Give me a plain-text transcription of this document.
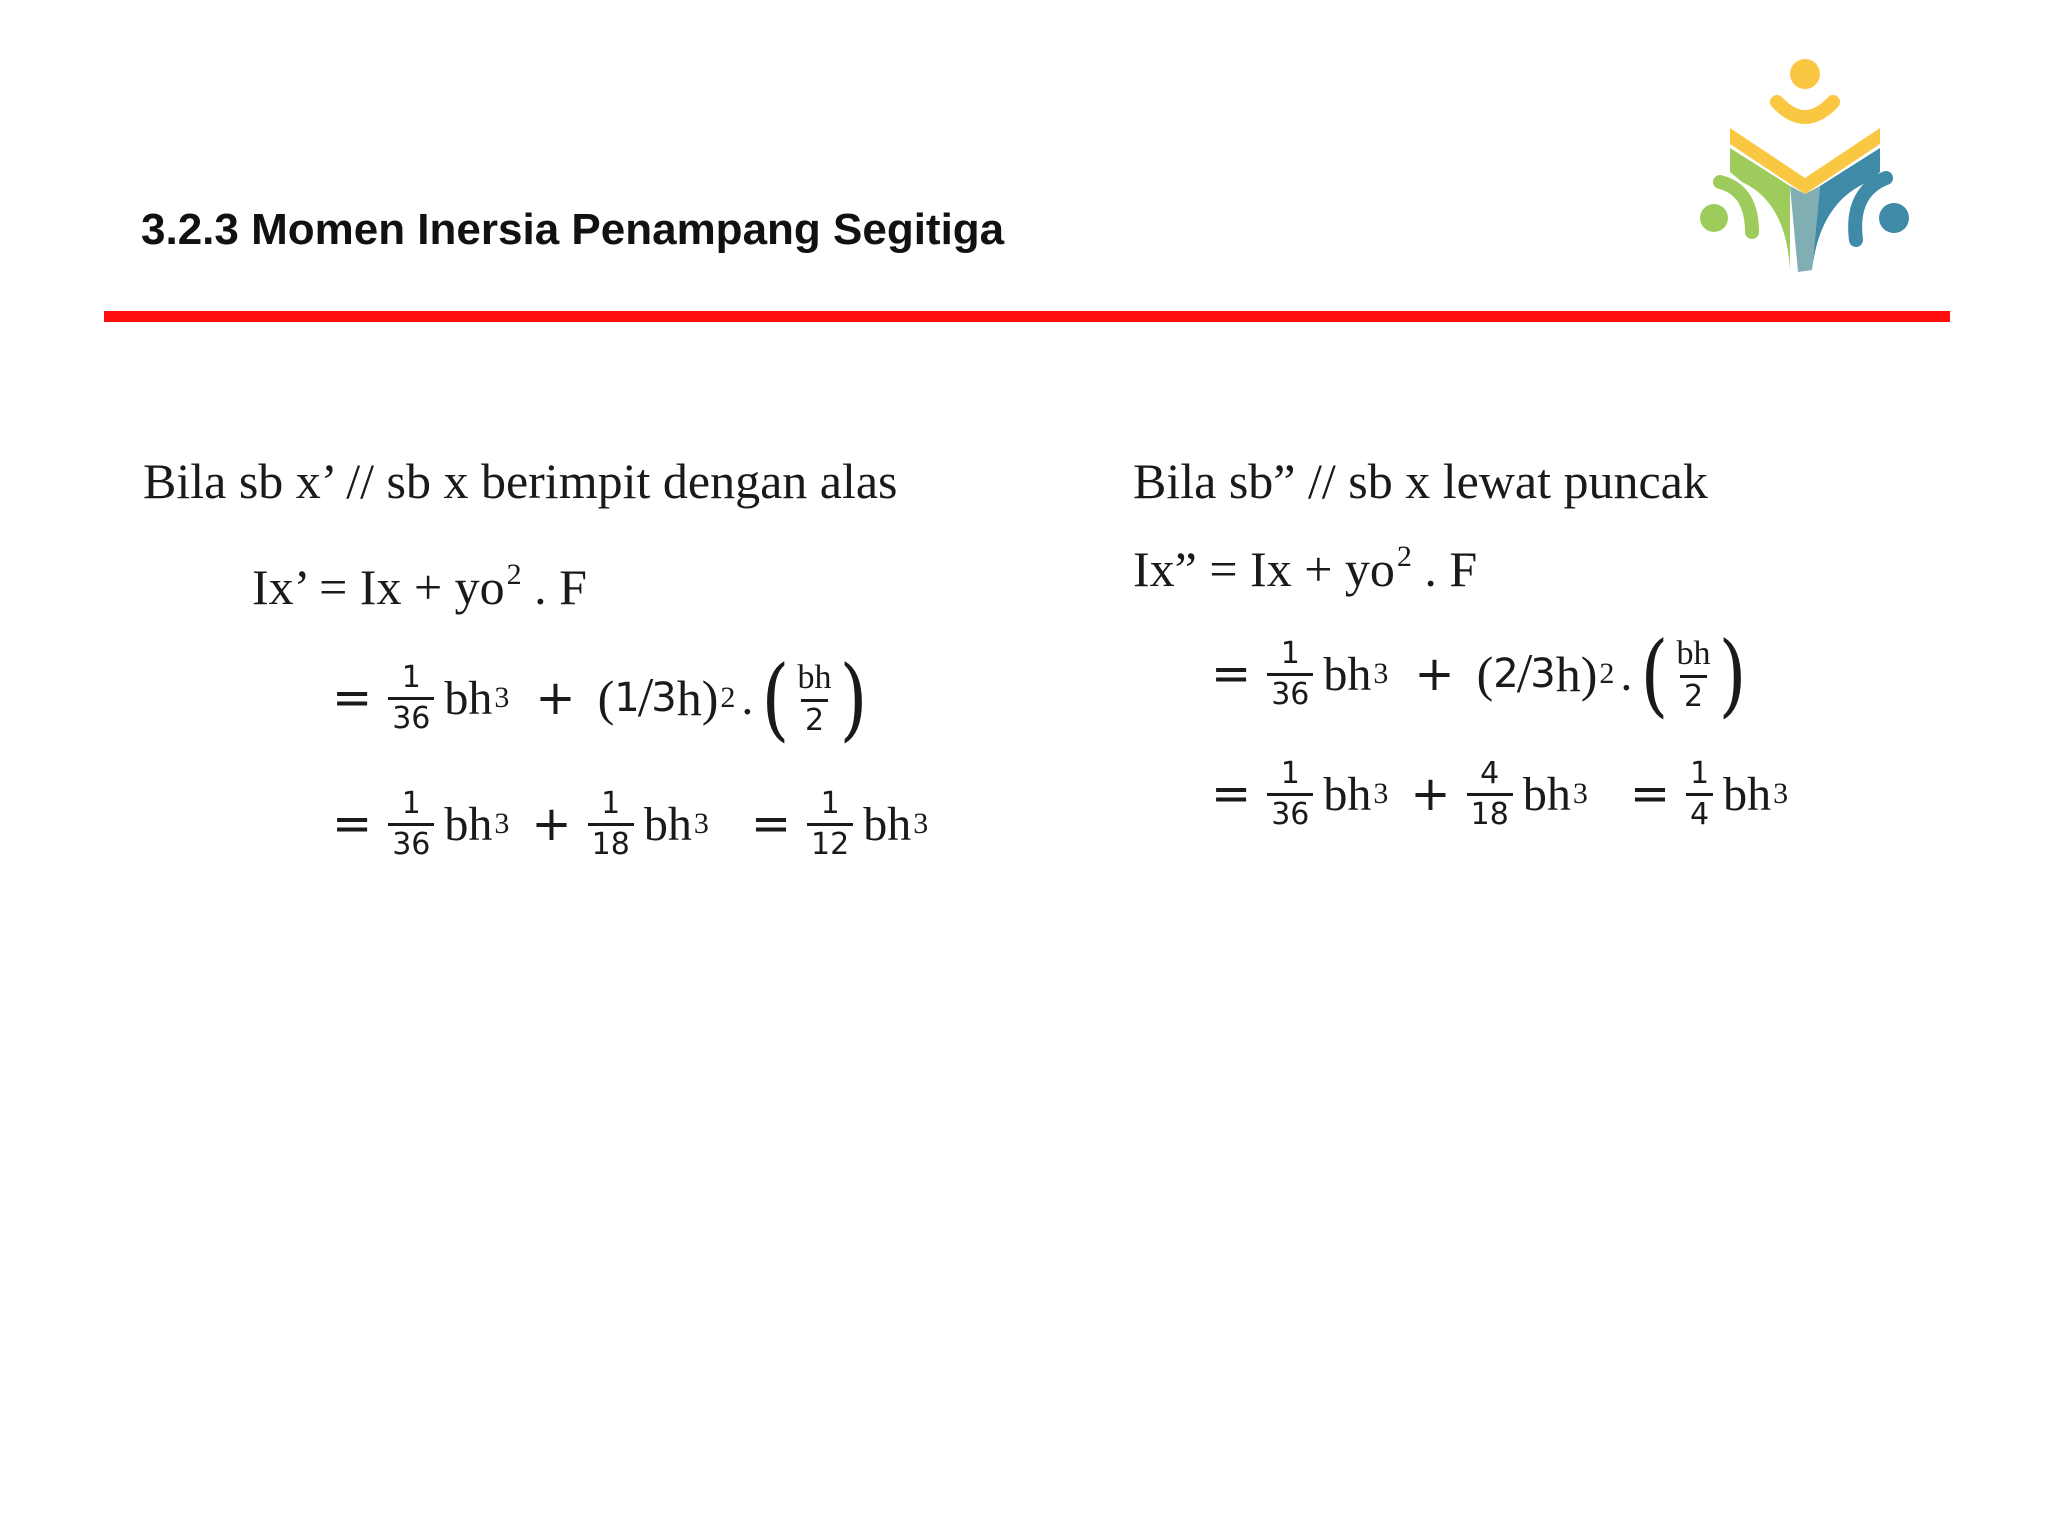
3.2.3 Momen Inersia Penampang Segitiga
Bila sb x’ // sb x berimpit dengan alas
Ix’ = $Ix + yo^2$ . F
= $\frac{1}{36}$ bh 3 + ( 1
/
3 h) 2 . ( $\frac{bh}{2}$ )
= $\frac{1}{36}$ bh $3 + \frac{1}{18}$ bh $3 = \frac{1}{12}$ bh 3
Bila sb” // sb x lewat puncak
Ix” = $Ix + yo^2$ . F
= $\frac{1}{36}$ bh 3 + ( 2
/
3 h) 2 . ( $\frac{bh}{2}$ )
= $\frac{1}{36}$ bh $3 + \frac{4}{18}$ bh $3 = \frac{1}{4}$ bh 3
